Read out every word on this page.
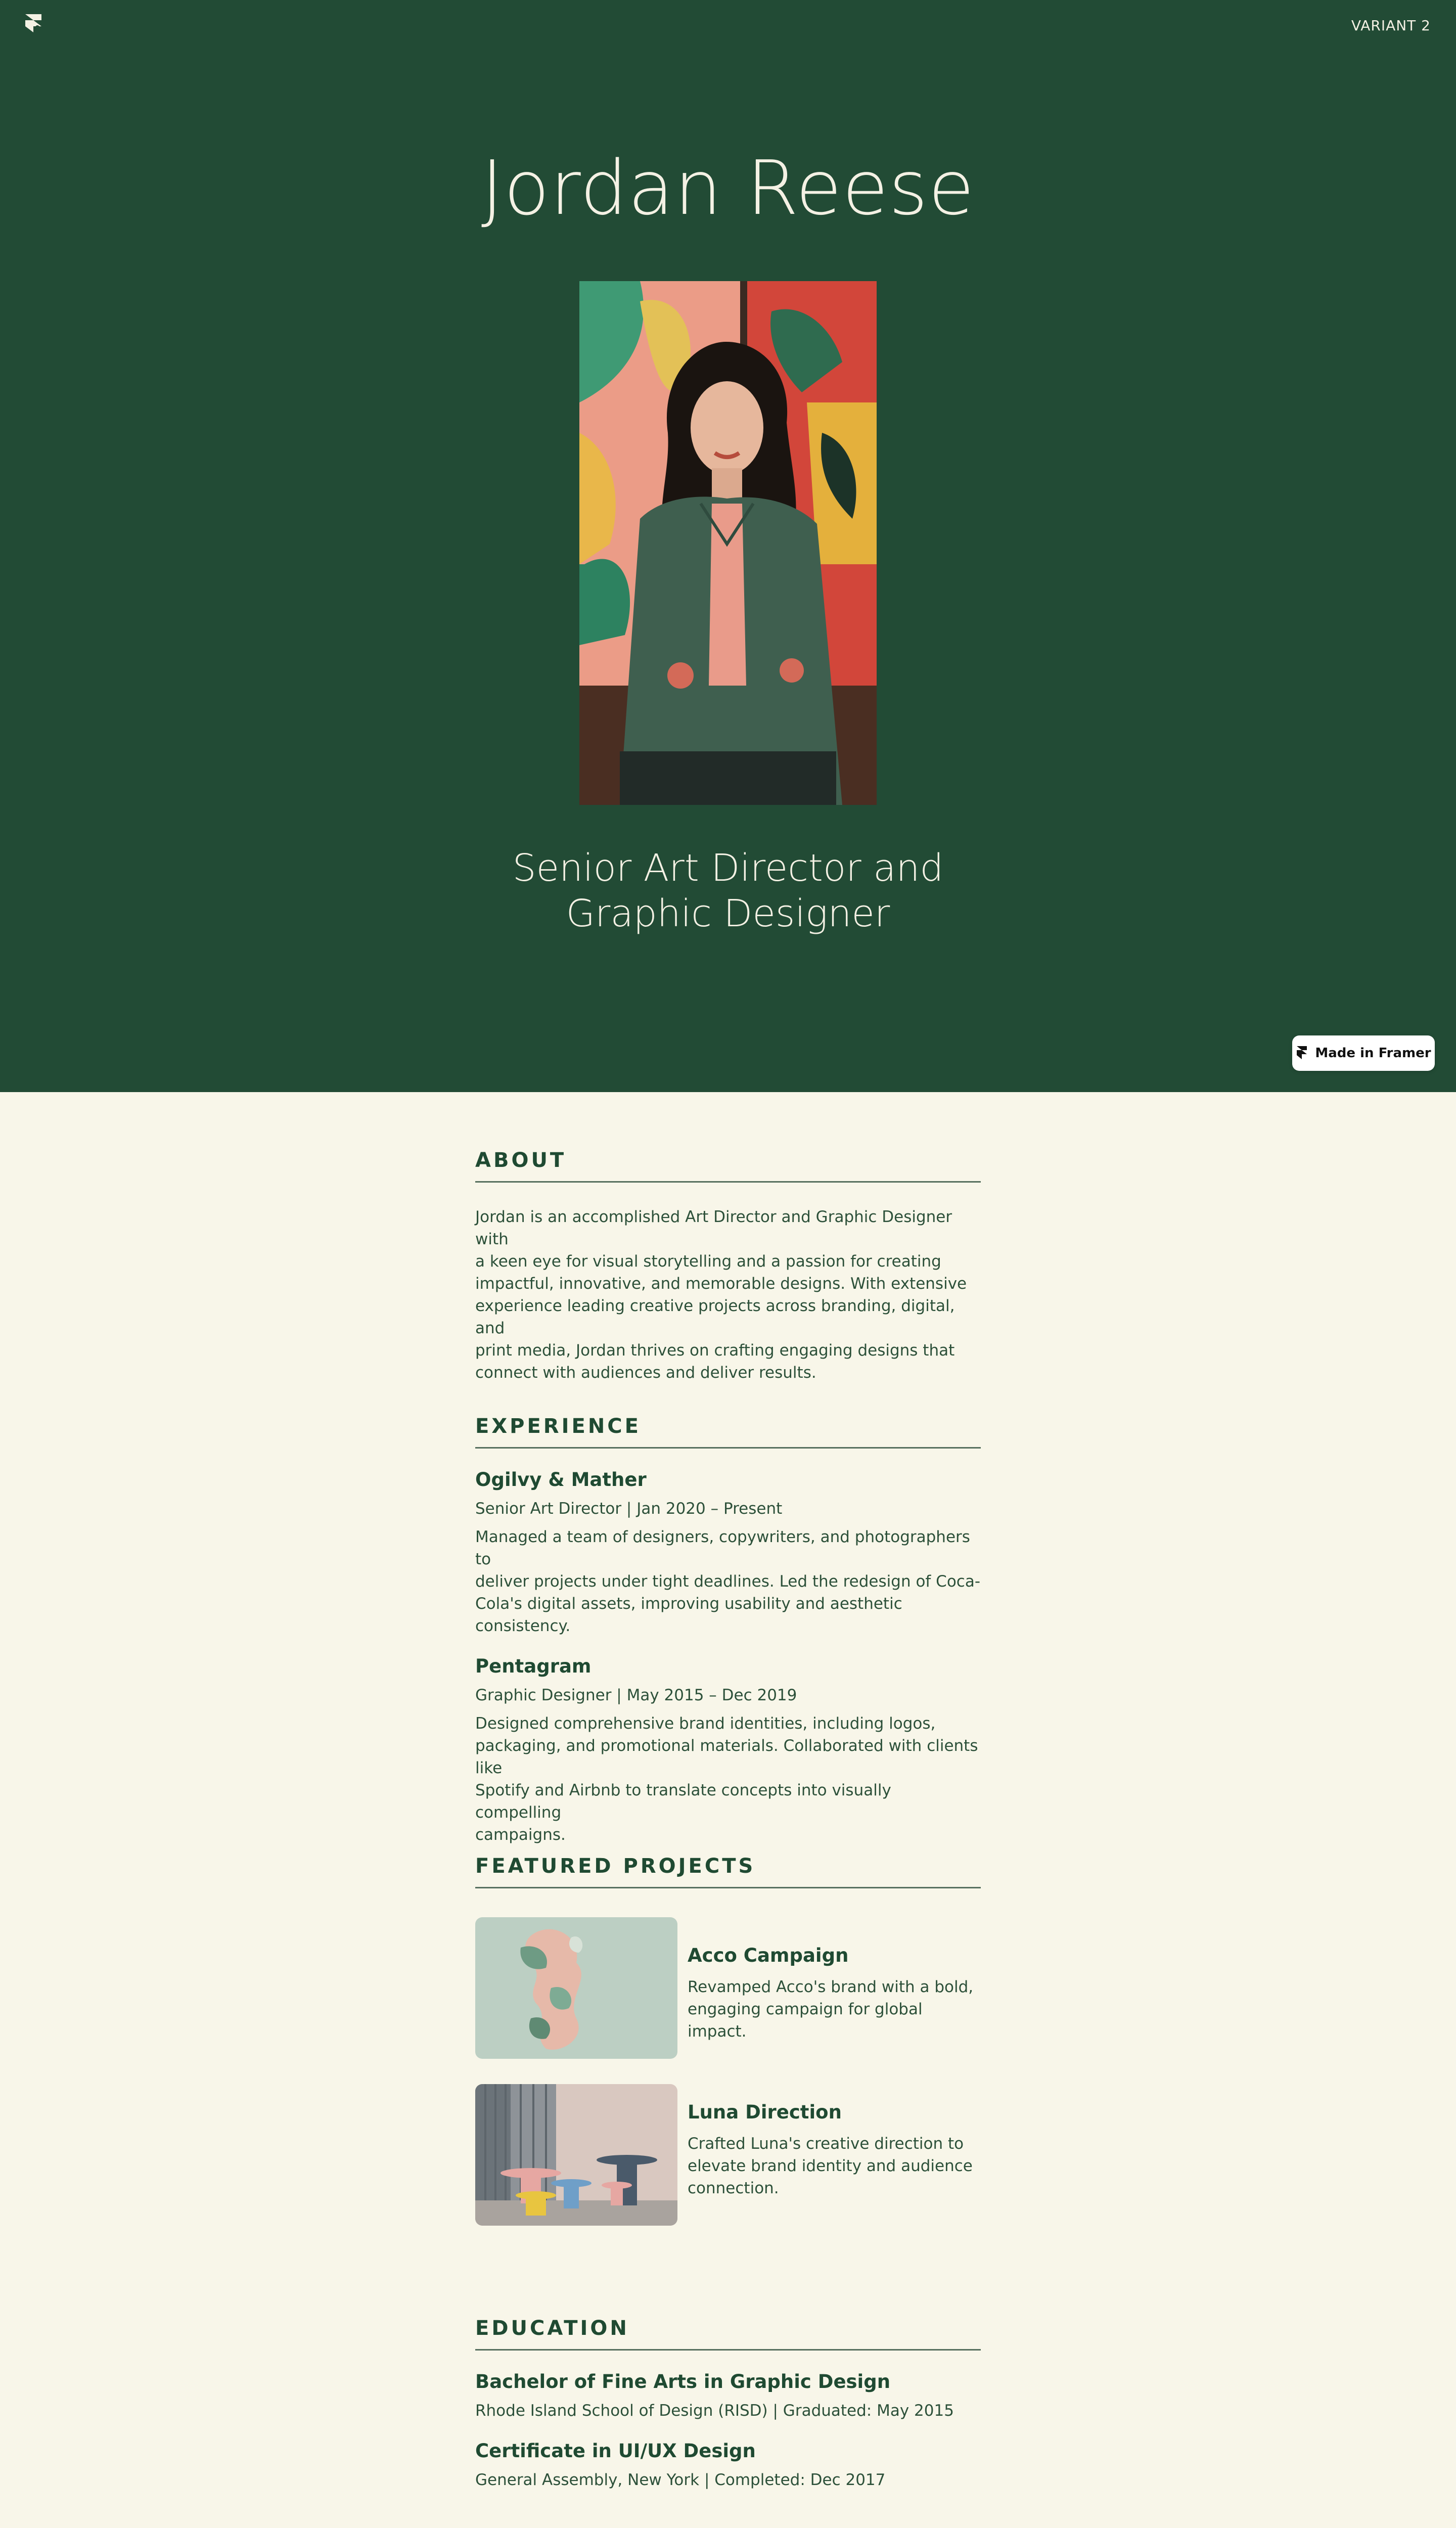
VARIANT 2
Jordan Reese
Senior Art Director and
Graphic Designer
Made in Framer
ABOUT

Jordan is an accomplished Art Director and Graphic Designer with

a keen eye for visual storytelling and a passion for creating

impactful, innovative, and memorable designs. With extensive

experience leading creative projects across branding, digital, and

print media, Jordan thrives on crafting engaging designs that

connect with audiences and deliver results.

EXPERIENCE

Ogilvy & Mather

Senior Art Director | Jan 2020 – Present

Managed a team of designers, copywriters, and photographers to

deliver projects under tight deadlines. Led the redesign of Coca-

Cola's digital assets, improving usability and aesthetic consistency.

Pentagram

Graphic Designer | May 2015 – Dec 2019

Designed comprehensive brand identities, including logos,

packaging, and promotional materials. Collaborated with clients like

Spotify and Airbnb to translate concepts into visually compelling

campaigns.

FEATURED PROJECTS
Acco Campaign
Revamped Acco's brand with a bold,
engaging campaign for global impact.
Luna Direction
Crafted Luna's creative direction to
elevate brand identity and audience
connection.
EDUCATION

Bachelor of Fine Arts in Graphic Design

Rhode Island School of Design (RISD) | Graduated: May 2015

Certificate in UI/UX Design

General Assembly, New York | Completed: Dec 2017
